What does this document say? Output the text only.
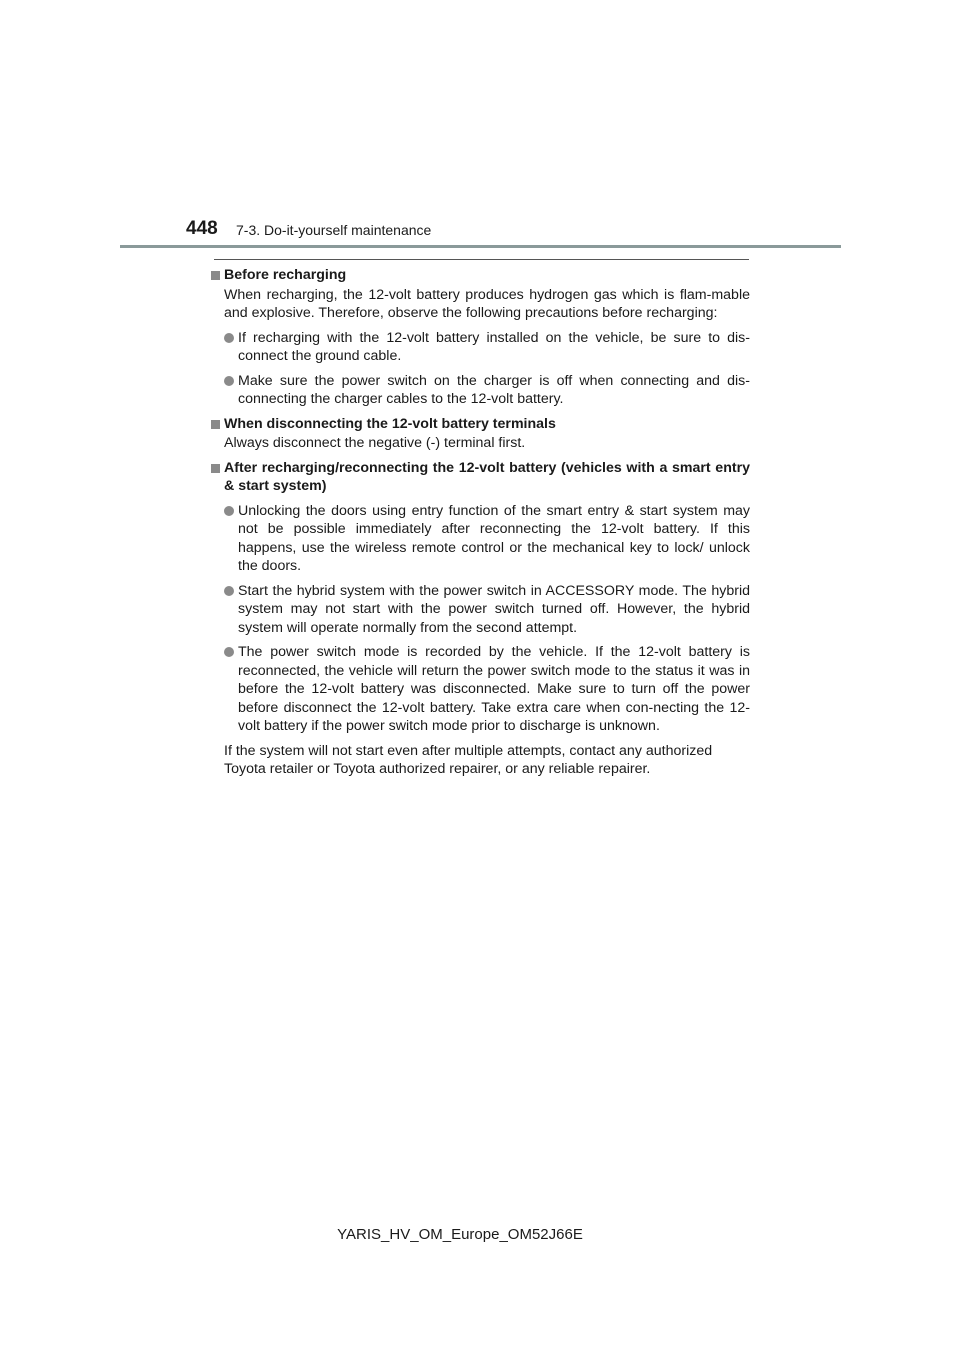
448 7-3. Do-it-yourself maintenance
Before recharging
When recharging, the 12-volt battery produces hydrogen gas which is flam-mable and explosive. Therefore, observe the following precautions before recharging:
If recharging with the 12-volt battery installed on the vehicle, be sure to dis-connect the ground cable.
Make sure the power switch on the charger is off when connecting and dis-connecting the charger cables to the 12-volt battery.
When disconnecting the 12-volt battery terminals
Always disconnect the negative (-) terminal first.
After recharging/reconnecting the 12-volt battery (vehicles with a smart entry & start system)
Unlocking the doors using entry function of the smart entry & start system may not be possible immediately after reconnecting the 12-volt battery. If this happens, use the wireless remote control or the mechanical key to lock/ unlock the doors.
Start the hybrid system with the power switch in ACCESSORY mode. The hybrid system may not start with the power switch turned off. However, the hybrid system will operate normally from the second attempt.
The power switch mode is recorded by the vehicle. If the 12-volt battery is reconnected, the vehicle will return the power switch mode to the status it was in before the 12-volt battery was disconnected. Make sure to turn off the power before disconnect the 12-volt battery. Take extra care when con-necting the 12-volt battery if the power switch mode prior to discharge is unknown.
If the system will not start even after multiple attempts, contact any authorized Toyota retailer or Toyota authorized repairer, or any reliable repairer.
YARIS_HV_OM_Europe_OM52J66E
